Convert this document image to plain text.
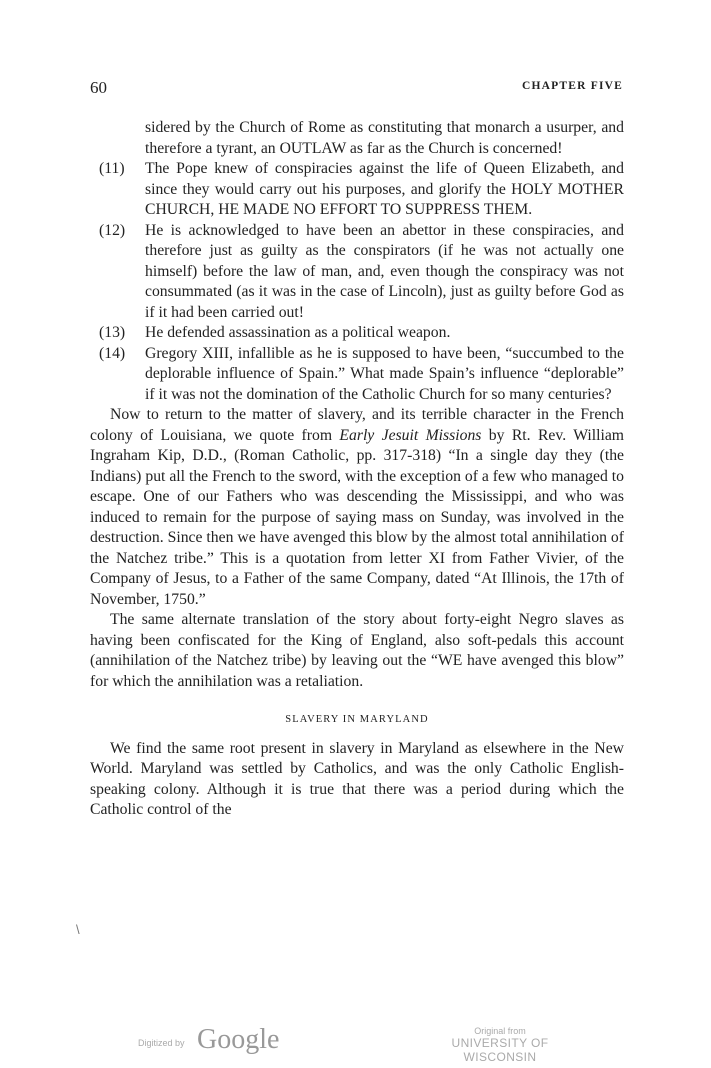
60	CHAPTER FIVE

sidered by the Church of Rome as constituting that monarch a usurper, and therefore a tyrant, an OUTLAW as far as the Church is concerned!

(11) The Pope knew of conspiracies against the life of Queen Elizabeth, and since they would carry out his purposes, and glorify the HOLY MOTHER CHURCH, HE MADE NO EFFORT TO SUPPRESS THEM.
(12) He is acknowledged to have been an abettor in these conspiracies, and therefore just as guilty as the conspirators (if he was not actually one himself) before the law of man, and, even though the conspiracy was not consummated (as it was in the case of Lincoln), just as guilty before God as if it had been carried out!
(13) He defended assassination as a political weapon.
(14) Gregory XIII, infallible as he is supposed to have been, “succumbed to the deplorable influence of Spain.” What made Spain’s influence “deplorable” if it was not the domination of the Catholic Church for so many centuries?

Now to return to the matter of slavery, and its terrible character in the French colony of Louisiana, we quote from Early Jesuit Missions by Rt. Rev. William Ingraham Kip, D.D., (Roman Catholic, pp. 317-318) “In a single day they (the Indians) put all the French to the sword, with the exception of a few who managed to escape. One of our Fathers who was descending the Mississippi, and who was induced to remain for the purpose of saying mass on Sunday, was involved in the destruction. Since then we have avenged this blow by the almost total annihilation of the Natchez tribe.” This is a quotation from letter XI from Father Vivier, of the Company of Jesus, to a Father of the same Company, dated “At Illinois, the 17th of November, 1750.”

The same alternate translation of the story about forty-eight Negro slaves as having been confiscated for the King of England, also soft-pedals this account (annihilation of the Natchez tribe) by leaving out the “WE have avenged this blow” for which the annihilation was a retaliation.

SLAVERY IN MARYLAND

We find the same root present in slavery in Maryland as elsewhere in the New World. Maryland was settled by Catholics, and was the only Catholic English-speaking colony. Although it is true that there was a period during which the Catholic control of the

\
Digitized by Google	Original from
UNIVERSITY OF WISCONSIN
